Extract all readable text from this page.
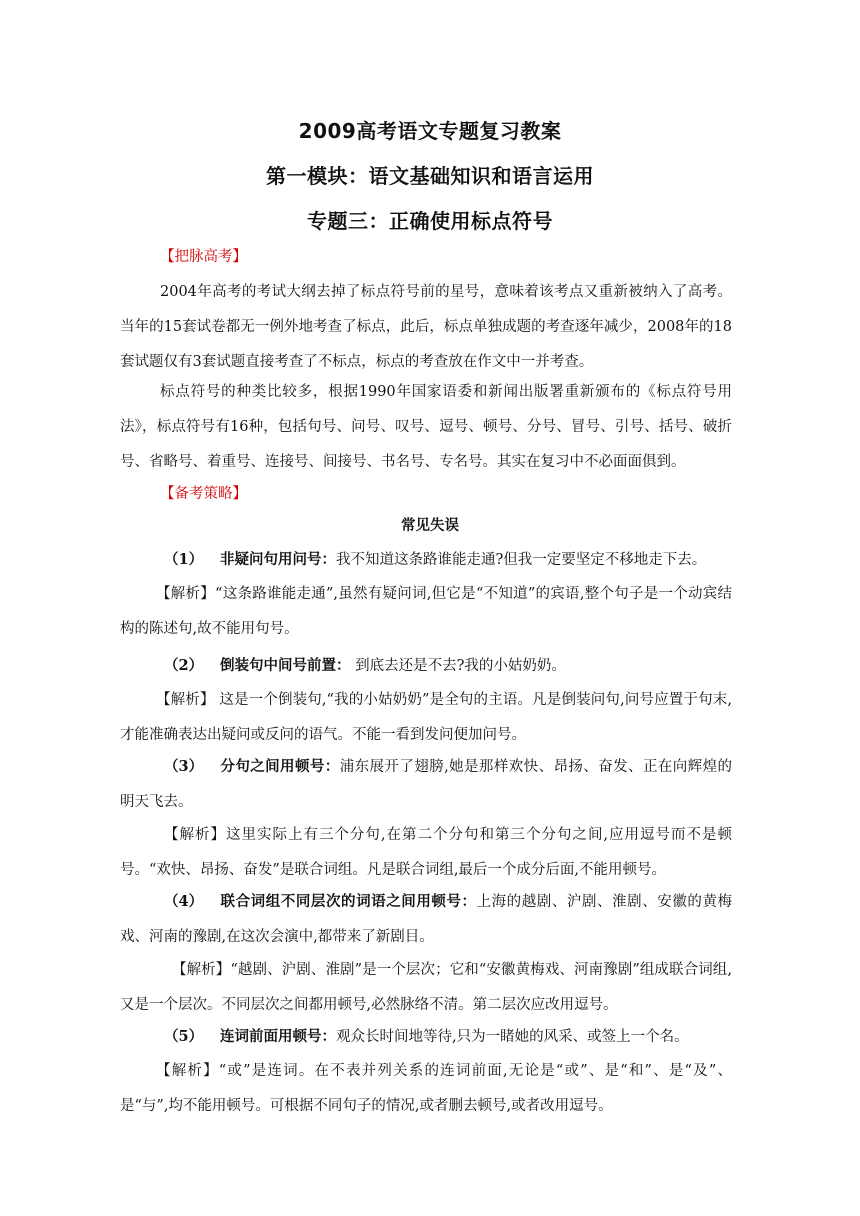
2009高考语文专题复习教案
第一模块：语文基础知识和语言运用
专题三：正确使用标点符号

【把脉高考】

2004年高考的考试大纲去掉了标点符号前的星号，意味着该考点又重新被纳入了高考。当年的15套试卷都无一例外地考查了标点，此后，标点单独成题的考查逐年减少，2008年的18套试题仅有3套试题直接考查了不标点，标点的考查放在作文中一并考查。

标点符号的种类比较多，根据1990年国家语委和新闻出版署重新颁布的《标点符号用法》，标点符号有16种，包括句号、问号、叹号、逗号、顿号、分号、冒号、引号、括号、破折号、省略号、着重号、连接号、间接号、书名号、专名号。其实在复习中不必面面俱到。

【备考策略】

常见失误

（1） 非疑问句用问号：我不知道这条路谁能走通?但我一定要坚定不移地走下去。

【解析】“这条路谁能走通”,虽然有疑问词,但它是“不知道”的宾语,整个句子是一个动宾结构的陈述句,故不能用句号。

（2） 倒装句中间号前置： 到底去还是不去?我的小姑奶奶。

【解析】 这是一个倒装句,“我的小姑奶奶”是全句的主语。凡是倒装问句,问号应置于句末,才能准确表达出疑问或反问的语气。不能一看到发问便加问号。

（3） 分句之间用顿号：浦东展开了翅膀,她是那样欢快、昂扬、奋发、正在向辉煌的明天飞去。

【解析】这里实际上有三个分句,在第二个分句和第三个分句之间,应用逗号而不是顿号。“欢快、昂扬、奋发”是联合词组。凡是联合词组,最后一个成分后面,不能用顿号。

（4） 联合词组不同层次的词语之间用顿号：上海的越剧、沪剧、淮剧、安徽的黄梅戏、河南的豫剧,在这次会演中,都带来了新剧目。

【解析】“越剧、沪剧、淮剧”是一个层次；它和“安徽黄梅戏、河南豫剧”组成联合词组,又是一个层次。不同层次之间都用顿号,必然脉络不清。第二层次应改用逗号。

（5） 连词前面用顿号：观众长时间地等待,只为一睹她的风采、或签上一个名。

【解析】“或”是连词。在不表并列关系的连词前面,无论是“或”、是“和”、是“及”、是“与”,均不能用顿号。可根据不同句子的情况,或者删去顿号,或者改用逗号。
